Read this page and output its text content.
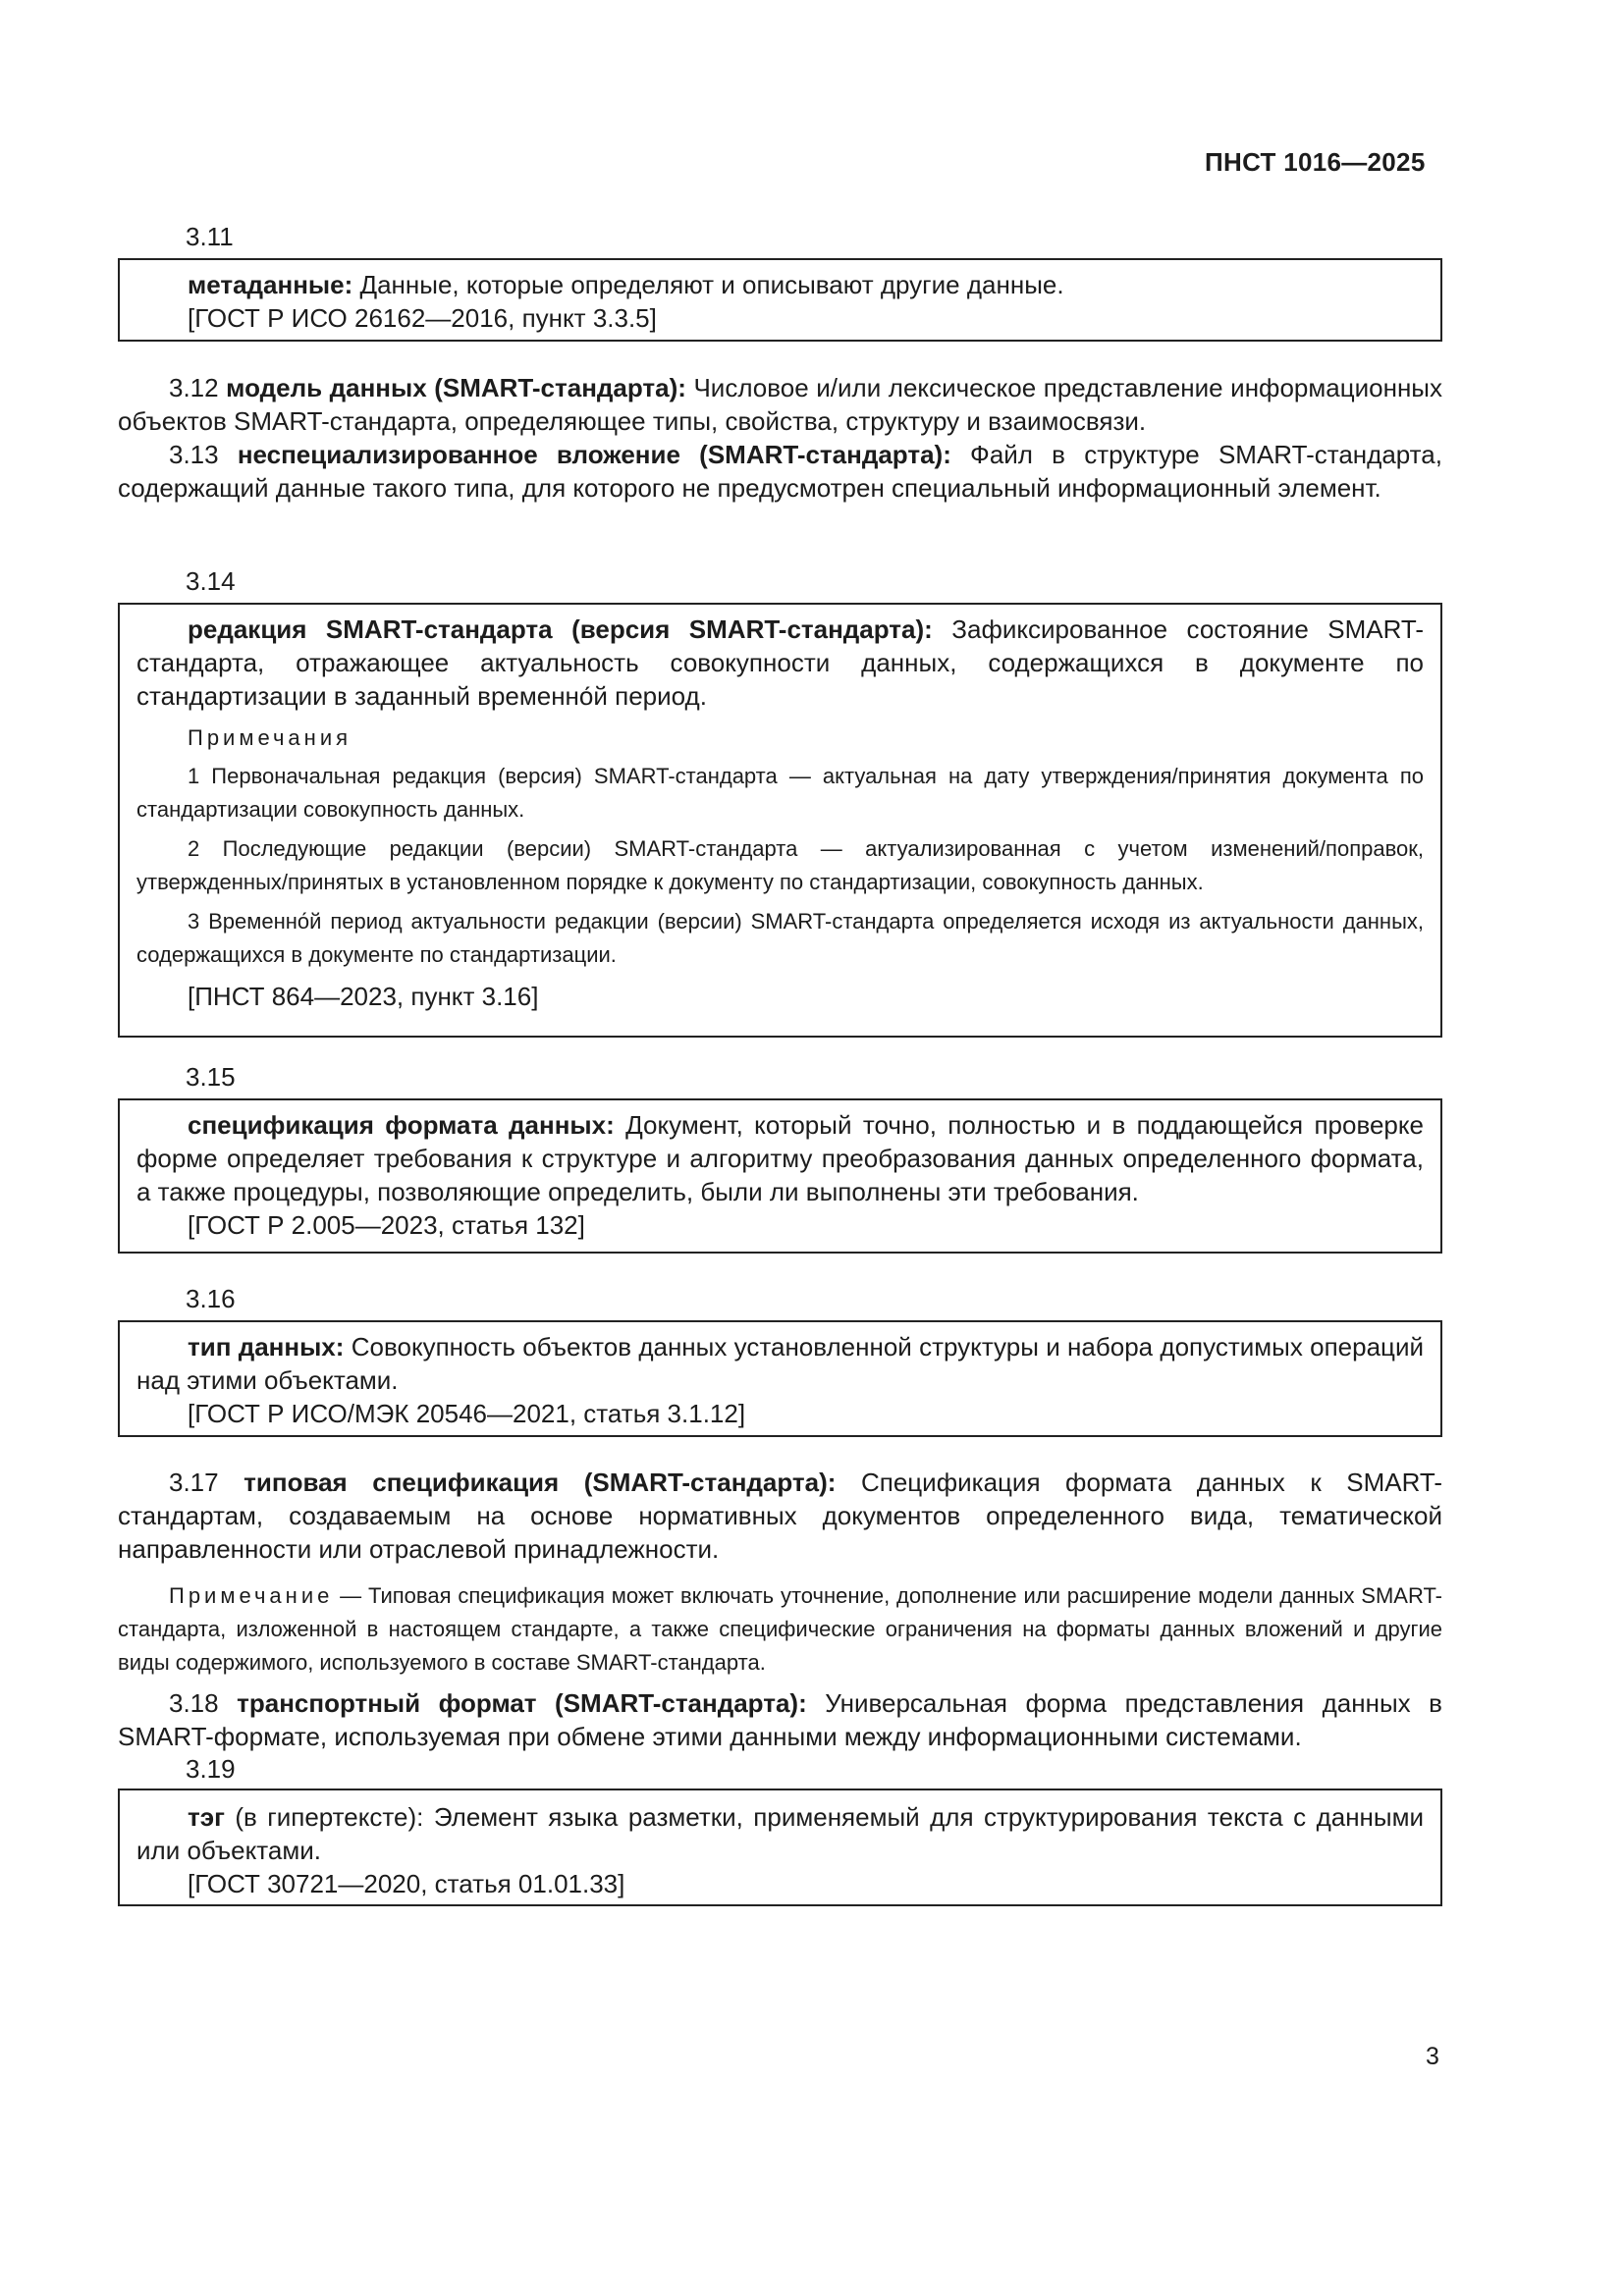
ПНСТ 1016—2025
3.11

метаданные: Данные, которые определяют и описывают другие данные.

[ГОСТ Р ИСО 26162—2016, пункт 3.3.5]

3.12 модель данных (SMART-стандарта): Числовое и/или лексическое представление информационных объектов SMART-стандарта, определяющее типы, свойства, структуру и взаимосвязи.

3.13 неспециализированное вложение (SMART-стандарта): Файл в структуре SMART-стандарта, содержащий данные такого типа, для которого не предусмотрен специальный информационный элемент.

3.14

редакция SMART-стандарта (версия SMART-стандарта): Зафиксированное состояние SMART-стандарта, отражающее актуальность совокупности данных, содержащихся в документе по стандартизации в заданный временно́й период.

Примечания

1 Первоначальная редакция (версия) SMART-стандарта — актуальная на дату утверждения/принятия документа по стандартизации совокупность данных.

2 Последующие редакции (версии) SMART-стандарта — актуализированная с учетом изменений/поправок, утвержденных/принятых в установленном порядке к документу по стандартизации, совокупность данных.

3 Временно́й период актуальности редакции (версии) SMART-стандарта определяется исходя из актуальности данных, содержащихся в документе по стандартизации.

[ПНСТ 864—2023, пункт 3.16]

3.15

спецификация формата данных: Документ, который точно, полностью и в поддающейся проверке форме определяет требования к структуре и алгоритму преобразования данных определенного формата, а также процедуры, позволяющие определить, были ли выполнены эти требования.

[ГОСТ Р 2.005—2023, статья 132]

3.16

тип данных: Совокупность объектов данных установленной структуры и набора допустимых операций над этими объектами.

[ГОСТ Р ИСО/МЭК 20546—2021, статья 3.1.12]

3.17 типовая спецификация (SMART-стандарта): Спецификация формата данных к SMART-стандартам, создаваемым на основе нормативных документов определенного вида, тематической направленности или отраслевой принадлежности.

Примечание — Типовая спецификация может включать уточнение, дополнение или расширение модели данных SMART-стандарта, изложенной в настоящем стандарте, а также специфические ограничения на форматы данных вложений и другие виды содержимого, используемого в составе SMART-стандарта.

3.18 транспортный формат (SMART-стандарта): Универсальная форма представления данных в SMART-формате, используемая при обмене этими данными между информационными системами.

3.19

тэг (в гипертексте): Элемент языка разметки, применяемый для структурирования текста с данными или объектами.

[ГОСТ 30721—2020, статья 01.01.33]

3
